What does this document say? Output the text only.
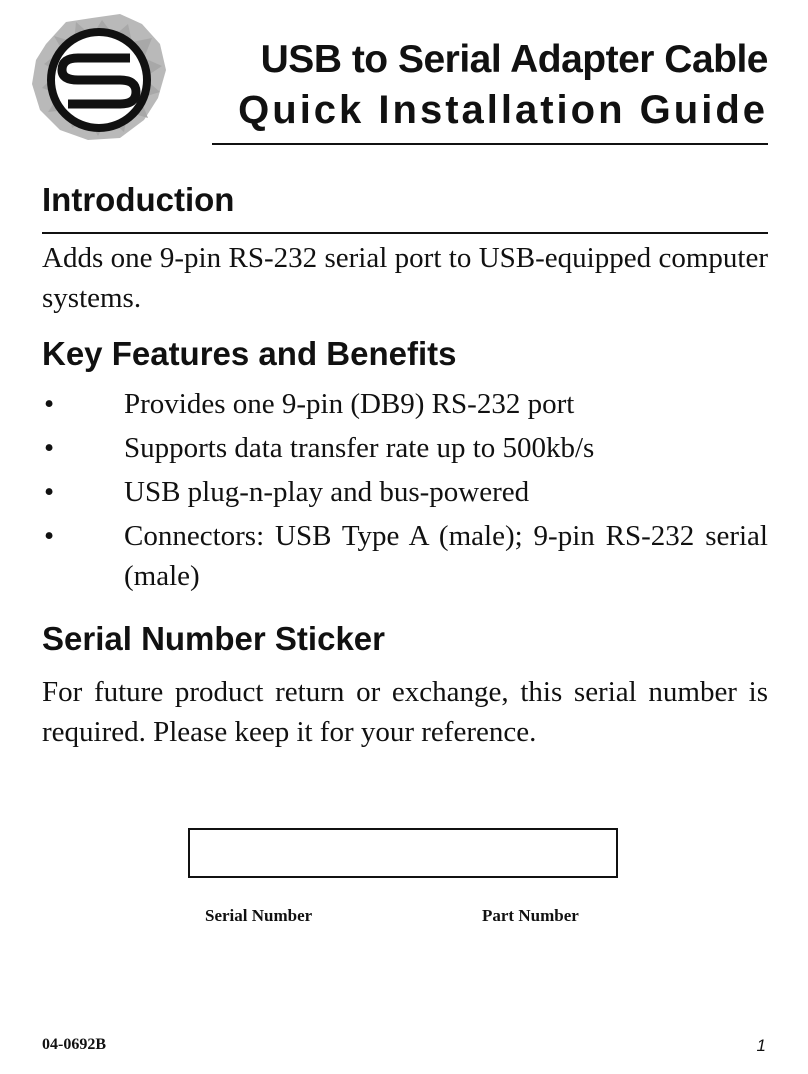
USB to Serial Adapter Cable
Quick Installation Guide
Introduction

Adds one 9-pin RS-232 serial port to USB-equipped computer systems.

Key Features and Benefits
• Provides one 9-pin (DB9) RS-232 port
• Supports data transfer rate up to 500kb/s
• USB plug-n-play and bus-powered
• Connectors: USB Type A (male); 9-pin RS-232 serial (male)
Serial Number Sticker

For future product return or exchange, this serial number is required. Please keep it for your reference.

Serial Number	Part Number
04-0692B	1
